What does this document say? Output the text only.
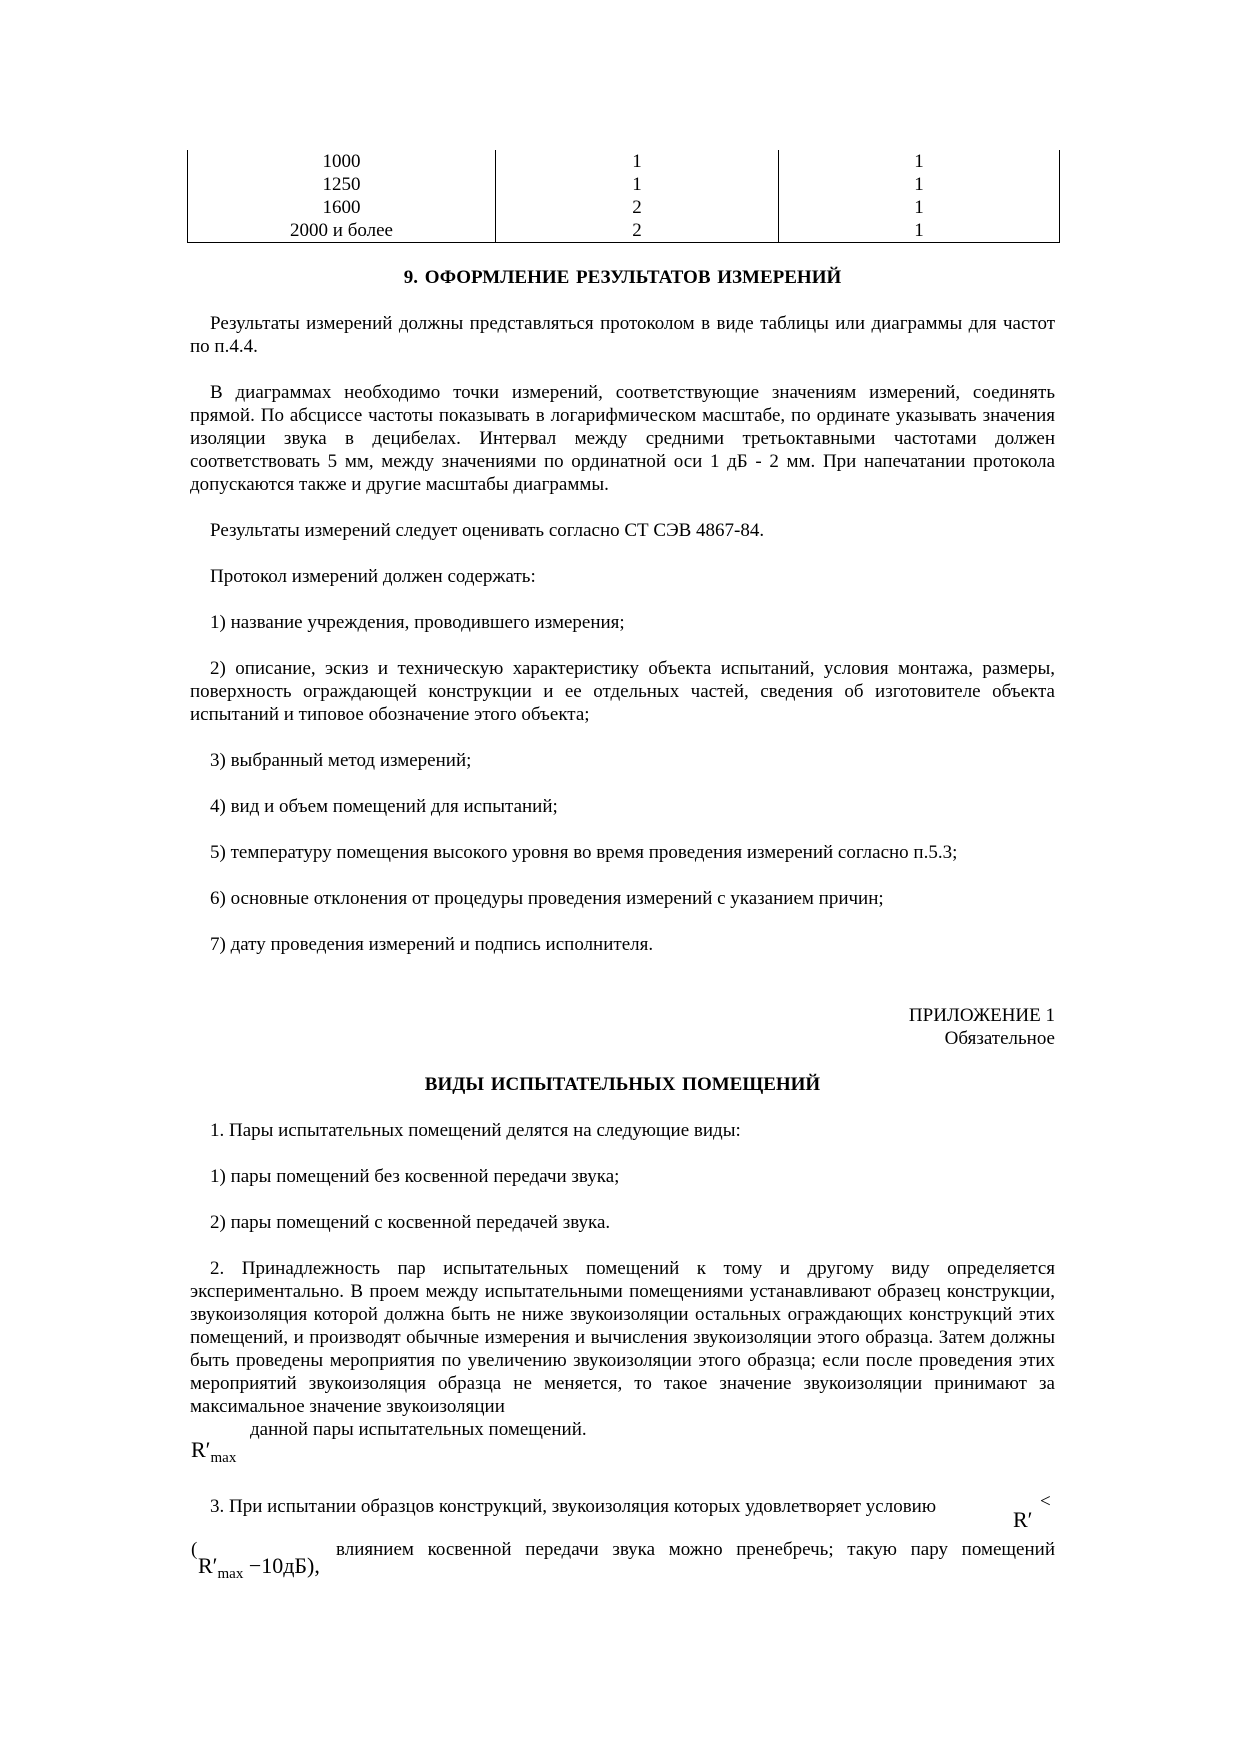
1000	1	1
1250	1	1
1600	2	1
2000 и более	2	1
9. ОФОРМЛЕНИЕ РЕЗУЛЬТАТОВ ИЗМЕРЕНИЙ
Результаты измерений должны представляться протоколом в виде таблицы или диаграммы для частот по п.4.4.
В диаграммах необходимо точки измерений, соответствующие значениям измерений, соединять прямой. По абсциссе частоты показывать в логарифмическом масштабе, по ординате указывать значения изоляции звука в децибелах. Интервал между средними третьоктавными частотами должен соответствовать 5 мм, между значениями по ординатной оси 1 дБ - 2 мм. При напечатании протокола допускаются также и другие масштабы диаграммы.
Результаты измерений следует оценивать согласно СТ СЭВ 4867-84.
Протокол измерений должен содержать:
1) название учреждения, проводившего измерения;
2) описание, эскиз и техническую характеристику объекта испытаний, условия монтажа, размеры, поверхность ограждающей конструкции и ее отдельных частей, сведения об изготовителе объекта испытаний и типовое обозначение этого объекта;
3) выбранный метод измерений;
4) вид и объем помещений для испытаний;
5) температуру помещения высокого уровня во время проведения измерений согласно п.5.3;
6) основные отклонения от процедуры проведения измерений с указанием причин;
7) дату проведения измерений и подпись исполнителя.
ПРИЛОЖЕНИЕ 1
Обязательное
ВИДЫ ИСПЫТАТЕЛЬНЫХ ПОМЕЩЕНИЙ
1. Пары испытательных помещений делятся на следующие виды:
1) пары помещений без косвенной передачи звука;
2) пары помещений с косвенной передачей звука.
2. Принадлежность пар испытательных помещений к тому и другому виду определяется экспериментально. В проем между испытательными помещениями устанавливают образец конструкции, звукоизоляция которой должна быть не ниже звукоизоляции остальных ограждающих конструкций этих помещений, и производят обычные измерения и вычисления звукоизоляции этого образца. Затем должны быть проведены мероприятия по увеличению звукоизоляции этого образца; если после проведения этих мероприятий звукоизоляция образца не меняется, то такое значение звукоизоляции принимают за максимальное значение звукоизоляции
данной пары испытательных помещений.
$R'_{max}$
3. При испытании образцов конструкций, звукоизоляция которых удовлетворяет условию	<
R′
(
$R'_{max} -10дБ$),
влиянием косвенной передачи звука можно пренебречь; такую пару помещений
